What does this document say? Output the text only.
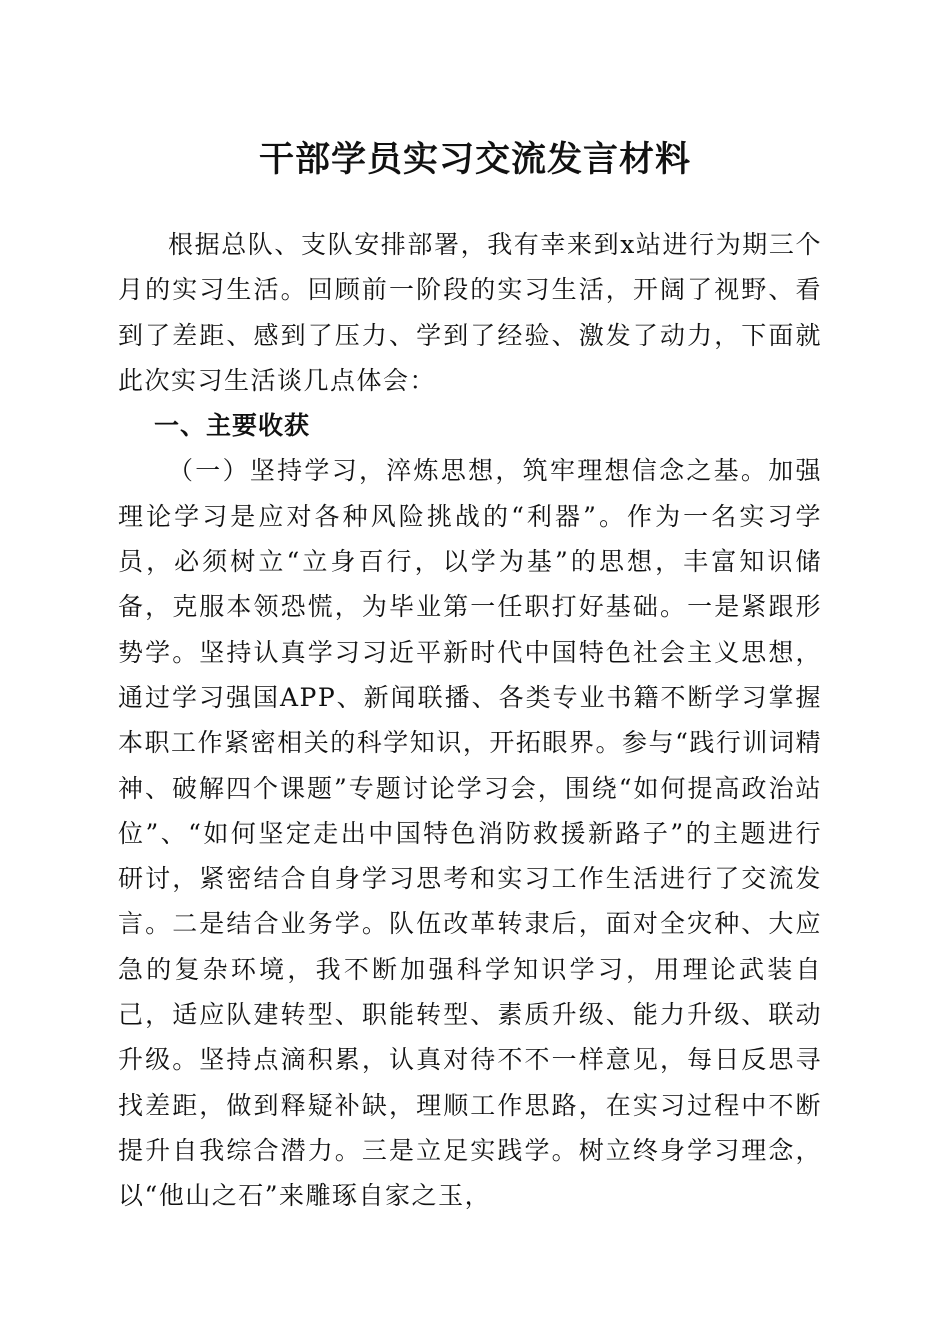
干部学员实习交流发言材料

根据总队、支队安排部署，我有幸来到x站进行为期三个月的实习生活。回顾前一阶段的实习生活，开阔了视野、看到了差距、感到了压力、学到了经验、激发了动力，下面就此次实习生活谈几点体会：

一、主要收获

（一）坚持学习，淬炼思想，筑牢理想信念之基。加强理论学习是应对各种风险挑战的“利器”。作为一名实习学员，必须树立“立身百行，以学为基”的思想，丰富知识储备，克服本领恐慌，为毕业第一任职打好基础。一是紧跟形势学。坚持认真学习习近平新时代中国特色社会主义思想，通过学习强国APP、新闻联播、各类专业书籍不断学习掌握本职工作紧密相关的科学知识，开拓眼界。参与“践行训词精神、破解四个课题”专题讨论学习会，围绕“如何提高政治站位”、“如何坚定走出中国特色消防救援新路子”的主题进行研讨，紧密结合自身学习思考和实习工作生活进行了交流发言。二是结合业务学。队伍改革转隶后，面对全灾种、大应急的复杂环境，我不断加强科学知识学习，用理论武装自己，适应队建转型、职能转型、素质升级、能力升级、联动升级。坚持点滴积累，认真对待不不一样意见，每日反思寻找差距，做到释疑补缺，理顺工作思路，在实习过程中不断提升自我综合潜力。三是立足实践学。树立终身学习理念，以“他山之石”来雕琢自家之玉，
